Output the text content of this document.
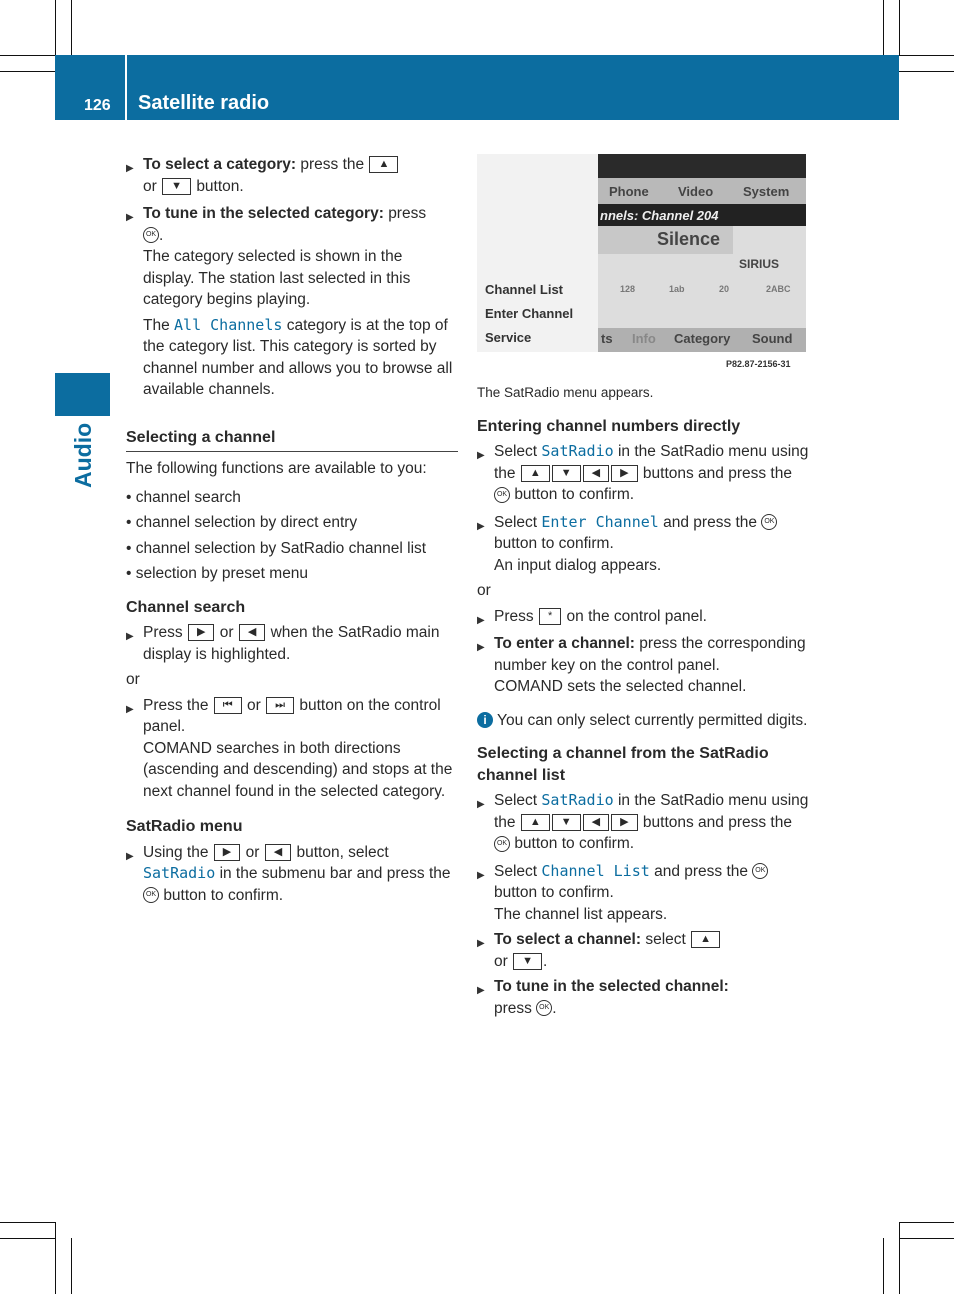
126 Satellite radio
Audio

▶ To select a category: press the ▲
or ▼ button.

▶ To tune in the selected category: press
OK .
The category selected is shown in the display. The station last selected in this category begins playing.

The All Channels category is at the top of the category list. This category is sorted by channel number and allows you to browse all available channels.

Selecting a channel

The following functions are available to you:

• channel search

• channel selection by direct entry

• channel selection by SatRadio channel list

• selection by preset menu

Channel search

▶ Press ▶ or ◀ when the SatRadio main display is highlighted.

or

▶ Press the ⏮ or ⏭ button on the control panel.
COMAND searches in both directions (ascending and descending) and stops at the next channel found in the selected category.

SatRadio menu

▶ Using the ▶ or ◀ button, select SatRadio in the submenu bar and press the OK button to confirm.

Phone Video System
nnels: Channel 204
Silence
SIRIUS
128	1ab	20	2ABC
Channel List
Enter Channel
Service	ts Info Category Sound
P82.87-2156-31

The SatRadio menu appears.

Entering channel numbers directly

▶ Select SatRadio in the SatRadio menu using the ▲ ▼ ◀ ▶ buttons and press the OK button to confirm.

▶ Select Enter Channel and press the OK
button to confirm.
An input dialog appears.

or

▶ Press * on the control panel.

▶ To enter a channel: press the corresponding number key on the control panel.
COMAND sets the selected channel.

i You can only select currently permitted digits.

Selecting a channel from the SatRadio channel list

▶ Select SatRadio in the SatRadio menu using the ▲ ▼ ◀ ▶ buttons and press the OK button to confirm.

▶ Select Channel List and press the OK
button to confirm.
The channel list appears.

▶ To select a channel: select ▲
or ▼ .

▶ To tune in the selected channel:
press OK .
